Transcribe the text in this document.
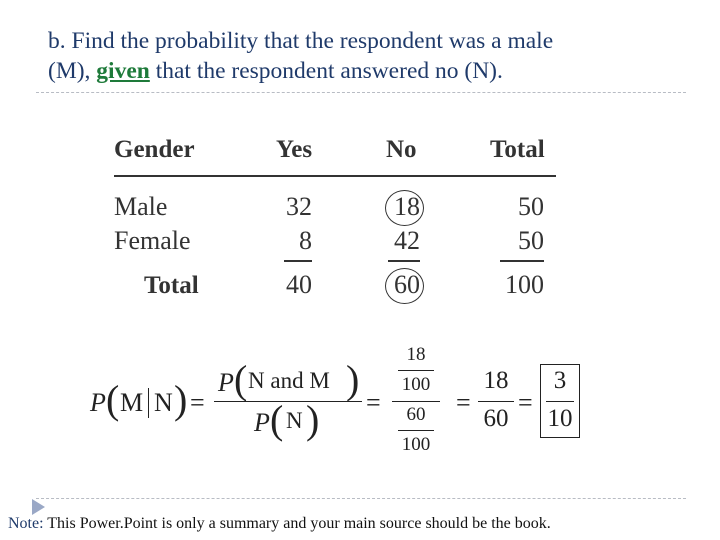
b. Find the probability that the respondent was a male
(M), given that the respondent answered no (N).
Gender	Yes	No	Total
Male	32	18	50
Female	8	42	50
Total	40	60	100
P ( M N ) =
P ( N and M )
P ( N ) =
18
100
60
100
=
18
60
=
3
10
Note: This Power.Point is only a summary and your main source should be the book.
